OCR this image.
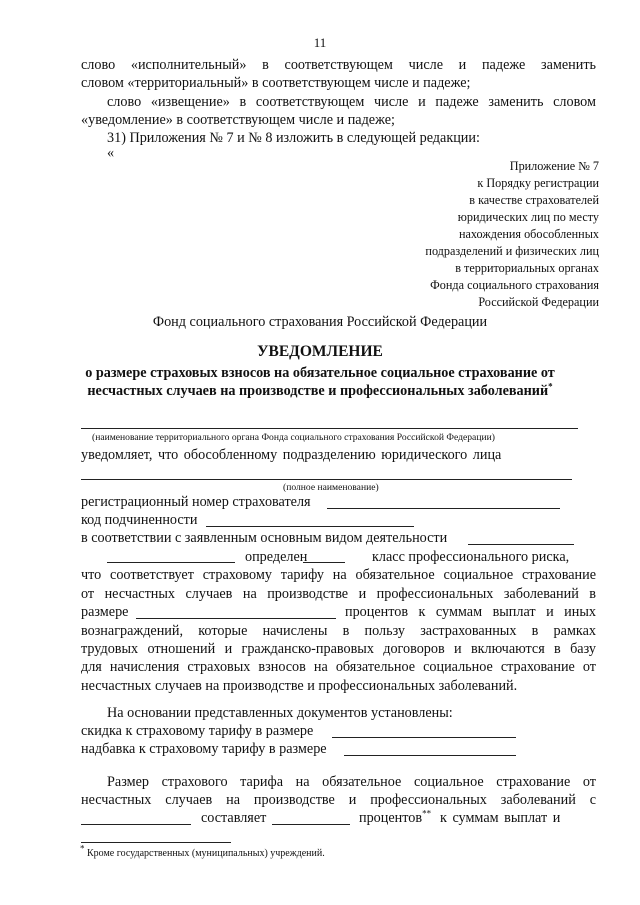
11
слово «исполнительный» в соответствующем числе и падеже заменить
словом «территориальный» в соответствующем числе и падеже;
слово «извещение» в соответствующем числе и падеже заменить словом
«уведомление» в соответствующем числе и падеже;
31) Приложения № 7 и № 8 изложить в следующей редакции:
«
Приложение № 7
к Порядку регистрации
в качестве страхователей
юридических лиц по месту
нахождения обособленных
подразделений и физических лиц
в территориальных органах
Фонда социального страхования
Российской Федерации
Фонд социального страхования Российской Федерации
УВЕДОМЛЕНИЕ
о размере страховых взносов на обязательное социальное страхование от
несчастных случаев на производстве и профессиональных заболеваний*
(наименование территориального органа Фонда социального страхования Российской Федерации)
уведомляет, что обособленному подразделению юридического лица
(полное наименование)
регистрационный номер страхователя
код подчиненности
в соответствии с заявленным основным видом деятельности
определен	класс профессионального риска,
что соответствует страховому тарифу на обязательное социальное страхование
от несчастных случаев на производстве и профессиональных заболеваний в
размере	процентов к суммам выплат и иных
вознаграждений, которые начислены в пользу застрахованных в рамках
трудовых отношений и гражданско-правовых договоров и включаются в базу
для начисления страховых взносов на обязательное социальное страхование от
несчастных случаев на производстве и профессиональных заболеваний.
На основании представленных документов установлены:
скидка к страховому тарифу в размере
надбавка к страховому тарифу в размере
Размер страхового тарифа на обязательное социальное страхование от
несчастных случаев на производстве и профессиональных заболеваний с
составляет	процентов** к суммам выплат и
* Кроме государственных (муниципальных) учреждений.
